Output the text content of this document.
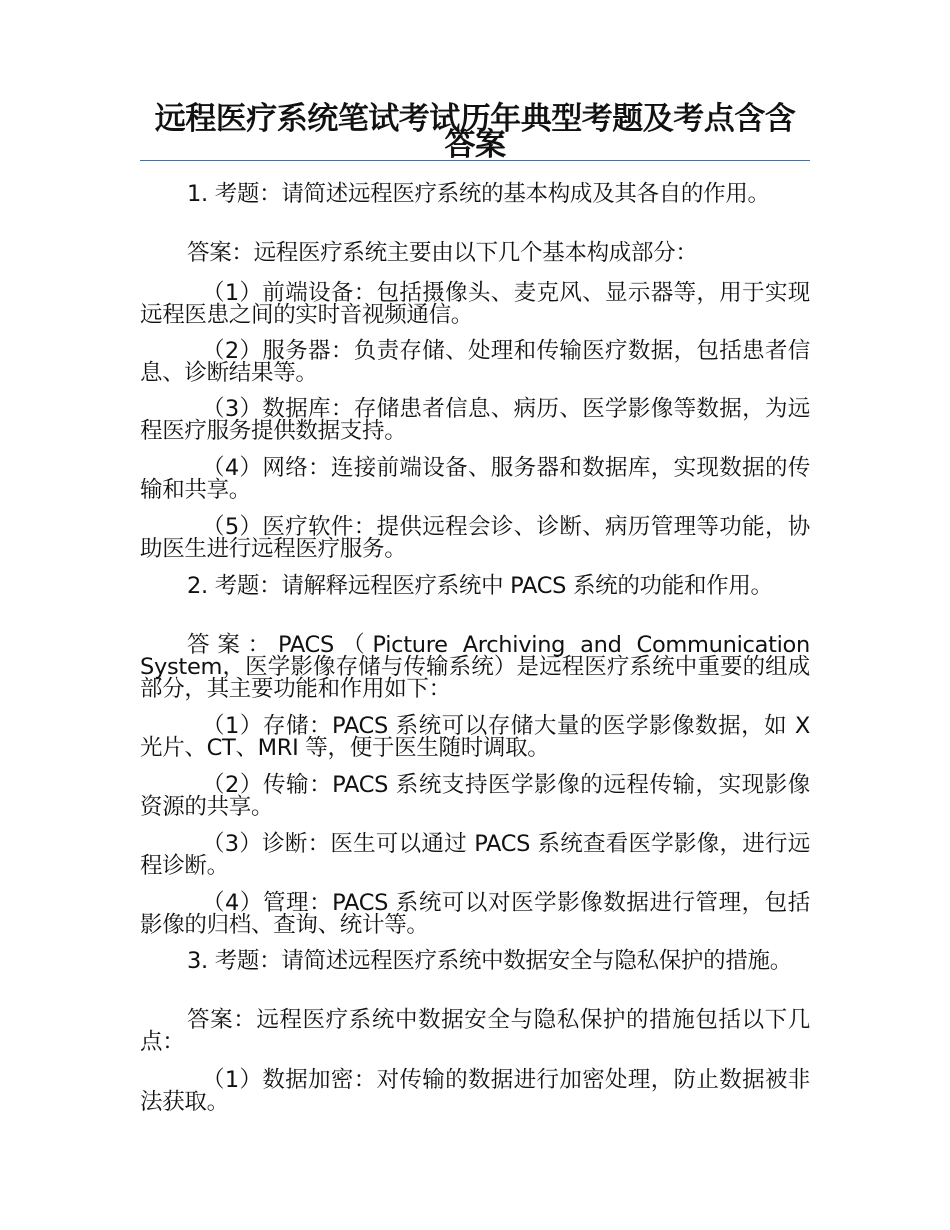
远程医疗系统笔试考试历年典型考题及考点含含答案

1. 考题：请简述远程医疗系统的基本构成及其各自的作用。

答案：远程医疗系统主要由以下几个基本构成部分：

（1）前端设备：包括摄像头、麦克风、显示器等，用于实现远程医患之间的实时音视频通信。

（2）服务器：负责存储、处理和传输医疗数据，包括患者信息、诊断结果等。

（3）数据库：存储患者信息、病历、医学影像等数据，为远程医疗服务提供数据支持。

（4）网络：连接前端设备、服务器和数据库，实现数据的传输和共享。

（5）医疗软件：提供远程会诊、诊断、病历管理等功能，协助医生进行远程医疗服务。

2. 考题：请解释远程医疗系统中 PACS 系统的功能和作用。

答案：PACS（Picture Archiving and Communication System，医学影像存储与传输系统）是远程医疗系统中重要的组成部分，其主要功能和作用如下：

（1）存储：PACS 系统可以存储大量的医学影像数据，如 X 光片、CT、MRI 等，便于医生随时调取。

（2）传输：PACS 系统支持医学影像的远程传输，实现影像资源的共享。

（3）诊断：医生可以通过 PACS 系统查看医学影像，进行远程诊断。

（4）管理：PACS 系统可以对医学影像数据进行管理，包括影像的归档、查询、统计等。

3. 考题：请简述远程医疗系统中数据安全与隐私保护的措施。

答案：远程医疗系统中数据安全与隐私保护的措施包括以下几点：

（1）数据加密：对传输的数据进行加密处理，防止数据被非法获取。
